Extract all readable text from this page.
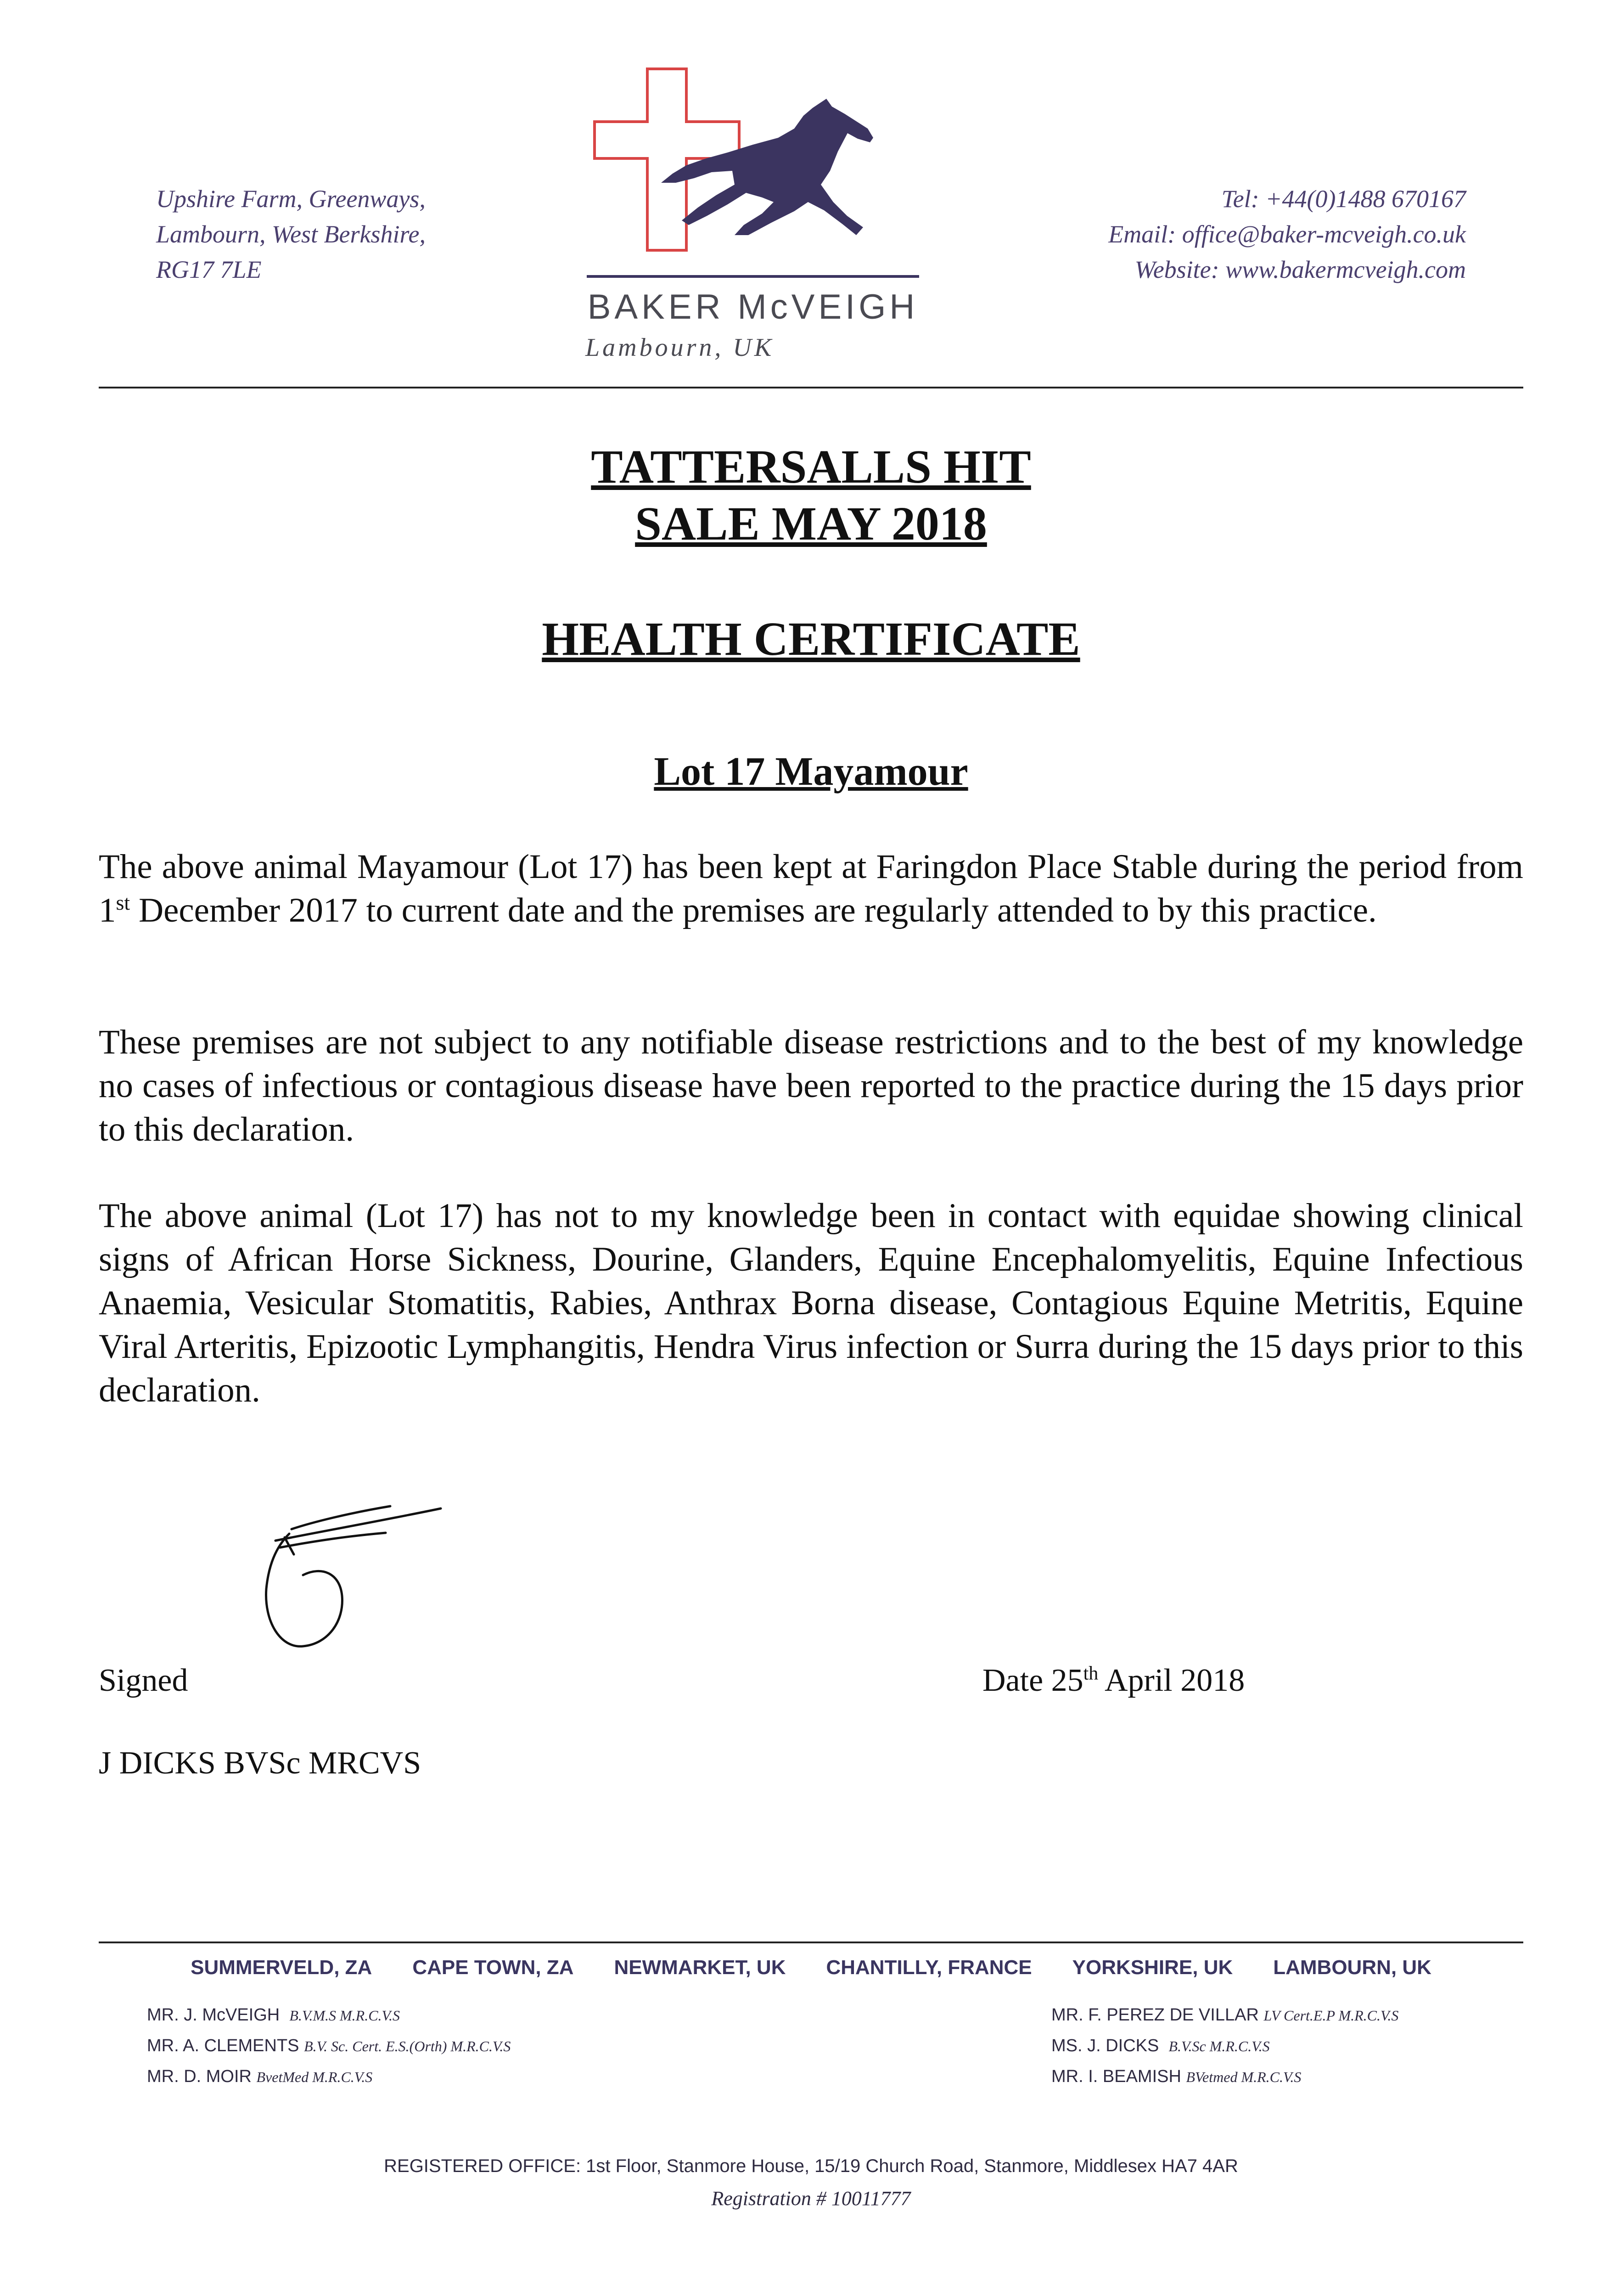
Upshire Farm, Greenways,
Lambourn, West Berkshire,
RG17 7LE
BAKER McVEIGH
Lambourn, UK
Tel: +44(0)1488 670167
Email: office@baker-mcveigh.co.uk
Website: www.bakermcveigh.com
TATTERSALLS HIT
SALE MAY 2018
HEALTH CERTIFICATE
Lot 17 Mayamour
The above animal Mayamour (Lot 17) has been kept at Faringdon Place Stable during the period from 1st December 2017 to current date and the premises are regularly attended to by this practice.
These premises are not subject to any notifiable disease restrictions and to the best of my knowledge no cases of infectious or contagious disease have been reported to the practice during the 15 days prior to this declaration.
The above animal (Lot 17) has not to my knowledge been in contact with equidae showing clinical signs of African Horse Sickness, Dourine, Glanders, Equine Encephalomyelitis, Equine Infectious Anaemia, Vesicular Stomatitis, Rabies, Anthrax Borna disease, Contagious Equine Metritis, Equine Viral Arteritis, Epizootic Lymphangitis, Hendra Virus infection or Surra during the 15 days prior to this declaration.
Signed	Date 25th April 2018
J DICKS BVSc MRCVS
SUMMERVELD, ZA CAPE TOWN, ZA NEWMARKET, UK CHANTILLY, FRANCE YORKSHIRE, UK LAMBOURN, UK
MR. J. McVEIGH B.V.M.S M.R.C.V.S
MR. A. CLEMENTS B.V. Sc. Cert. E.S.(Orth) M.R.C.V.S
MR. D. MOIR BvetMed M.R.C.V.S
MR. F. PEREZ DE VILLAR LV Cert.E.P M.R.C.V.S
MS. J. DICKS B.V.Sc M.R.C.V.S
MR. I. BEAMISH BVetmed M.R.C.V.S
REGISTERED OFFICE: 1st Floor, Stanmore House, 15/19 Church Road, Stanmore, Middlesex HA7 4AR
Registration # 10011777
